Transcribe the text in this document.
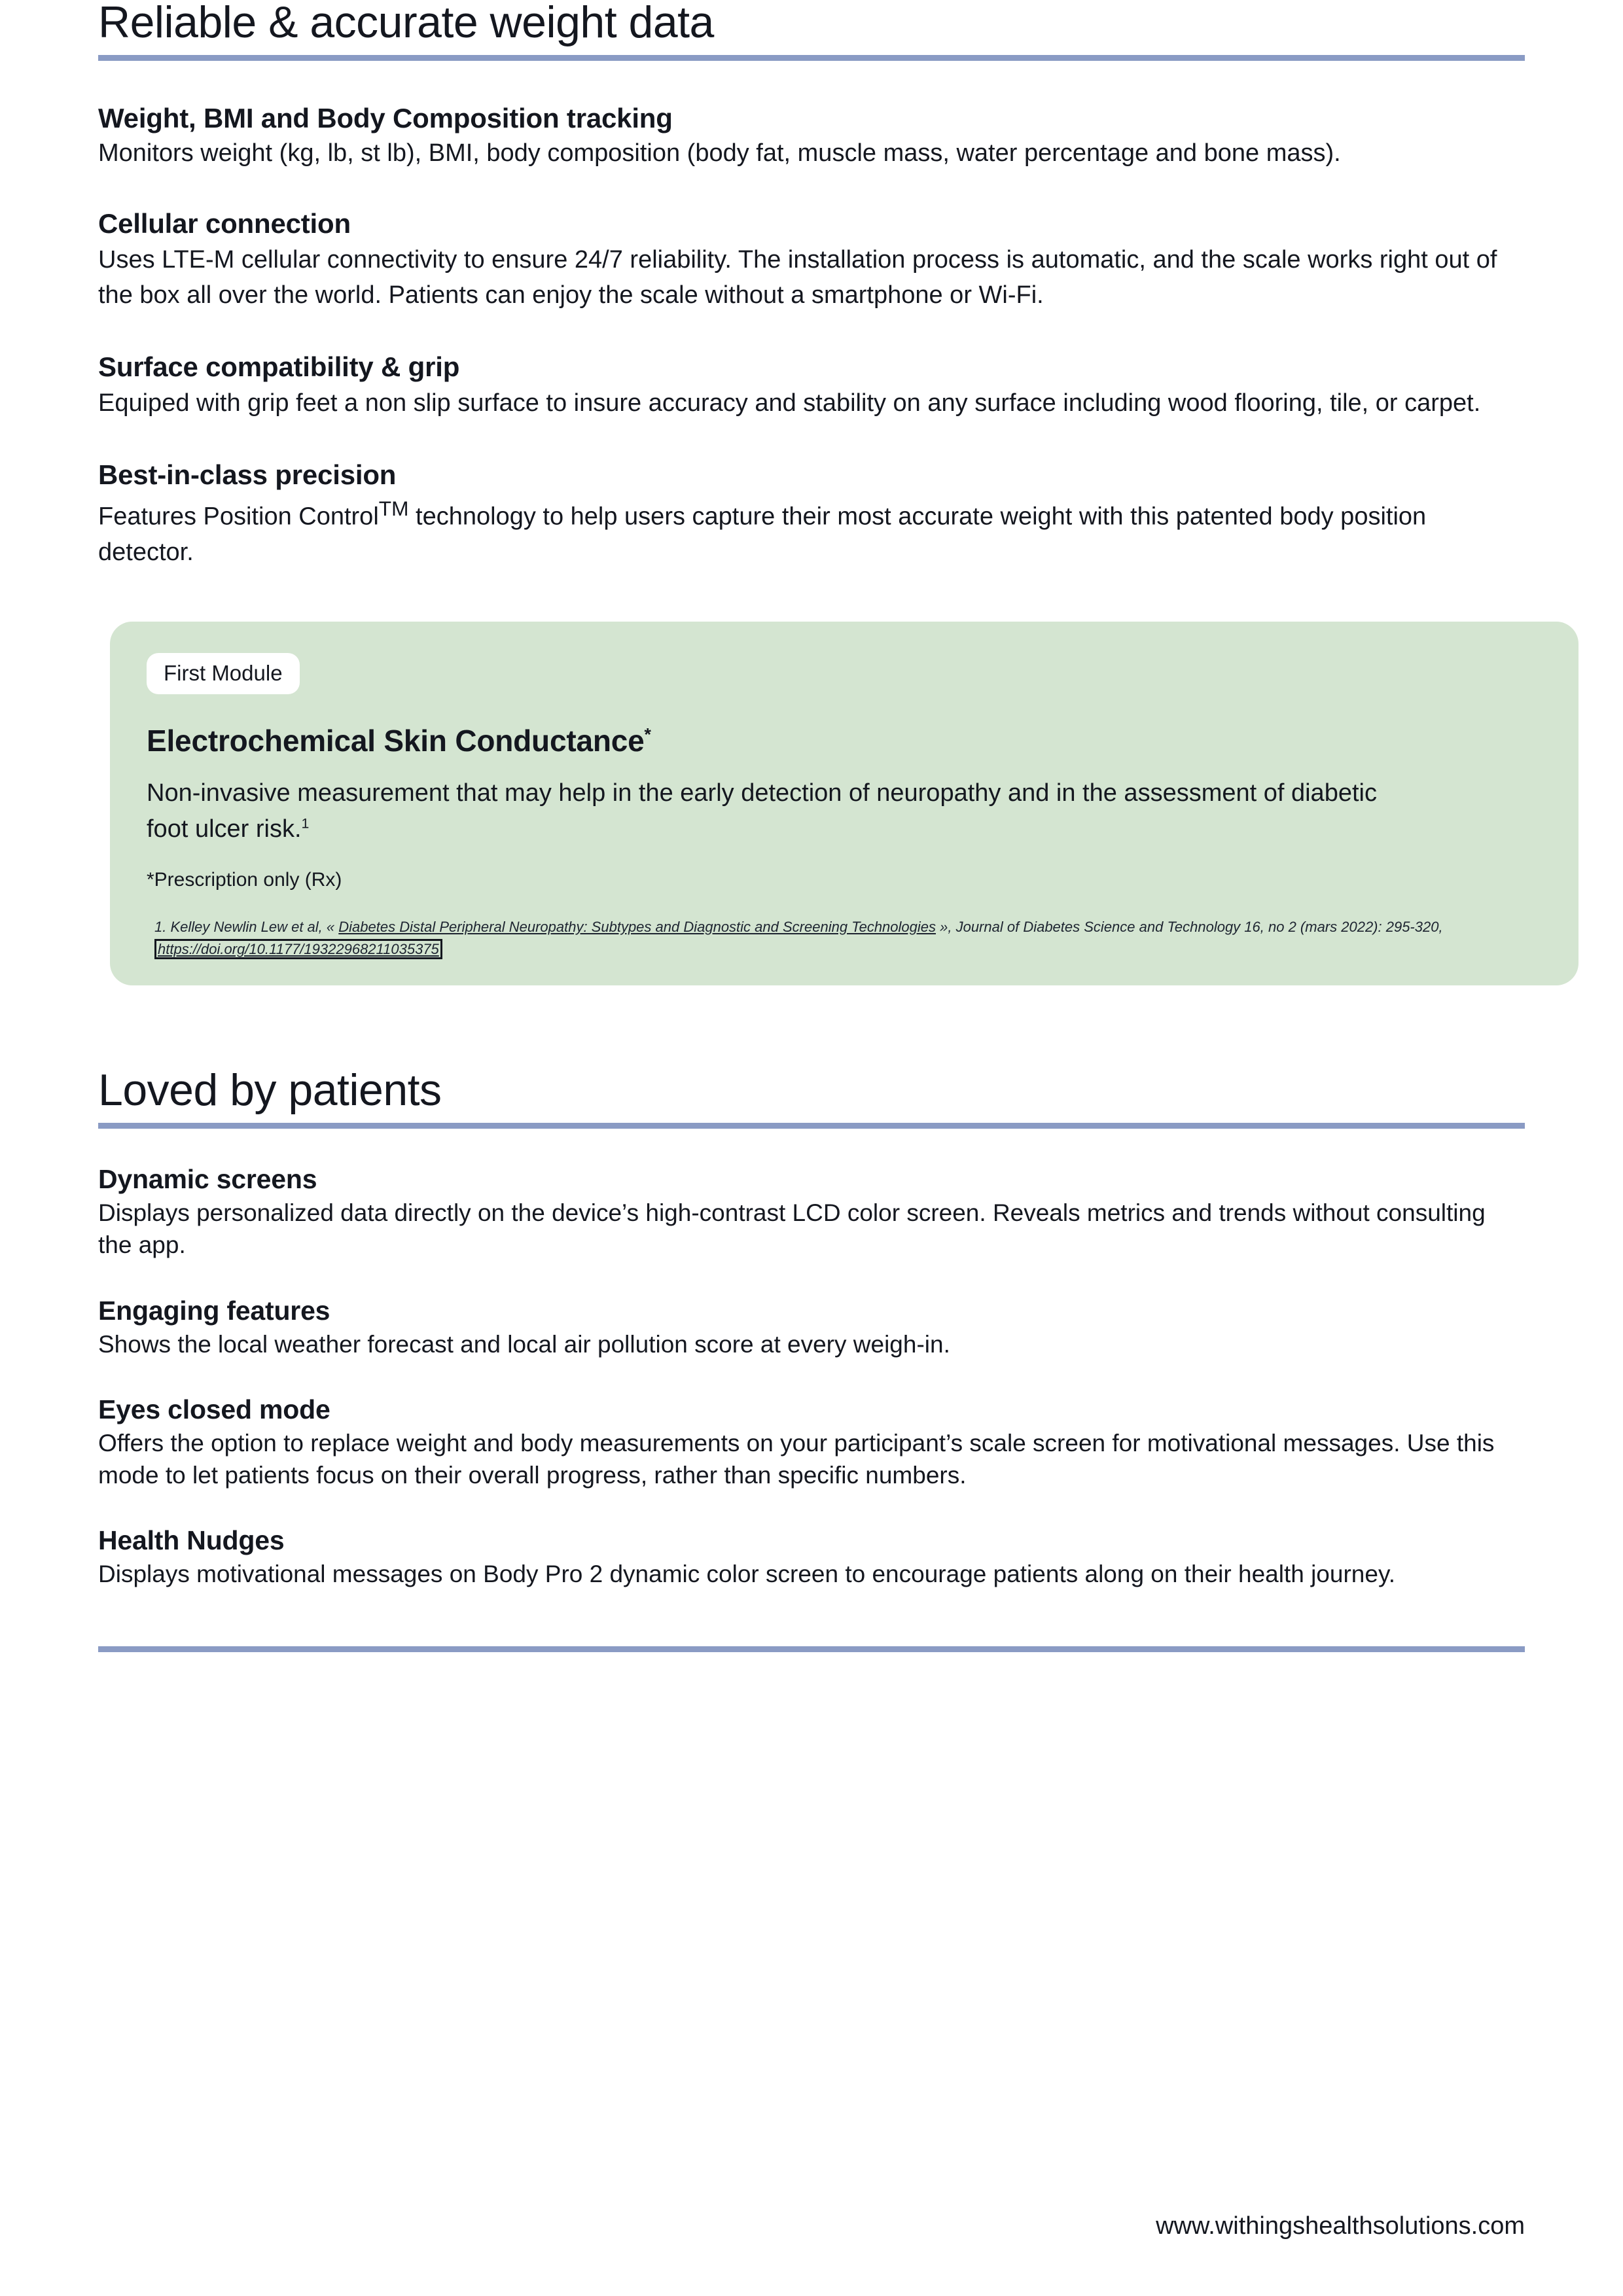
Reliable & accurate weight data
Weight, BMI and Body Composition tracking

Monitors weight (kg, lb, st lb), BMI, body composition (body fat, muscle mass, water percentage and bone mass).

Cellular connection

Uses LTE-M cellular connectivity to ensure 24/7 reliability. The installation process is automatic, and the scale works right out of the box all over the world. Patients can enjoy the scale without a smartphone or Wi-Fi.

Surface compatibility & grip

Equiped with grip feet a non slip surface to insure accuracy and stability on any surface including wood flooring, tile, or carpet.

Best-in-class precision

Features Position Control™ technology to help users capture their most accurate weight with this patented body position detector.

First Module
Electrochemical Skin Conductance*

Non-invasive measurement that may help in the early detection of neuropathy and in the assessment of diabetic foot ulcer risk.$^1$

*Prescription only (Rx)

1. Kelley Newlin Lew et al, « Diabetes Distal Peripheral Neuropathy: Subtypes and Diagnostic and Screening Technologies », Journal of Diabetes Science and Technology 16, no 2 (mars 2022): 295-320, https://doi.org/10.1177/19322968211035375

Loved by patients
Dynamic screens

Displays personalized data directly on the device’s high-contrast LCD color screen. Reveals metrics and trends without consulting the app.

Engaging features

Shows the local weather forecast and local air pollution score at every weigh-in.

Eyes closed mode

Offers the option to replace weight and body measurements on your participant’s scale screen for motivational messages. Use this mode to let patients focus on their overall progress, rather than specific numbers.

Health Nudges

Displays motivational messages on Body Pro 2 dynamic color screen to encourage patients along on their health journey.

www.withingshealthsolutions.com
